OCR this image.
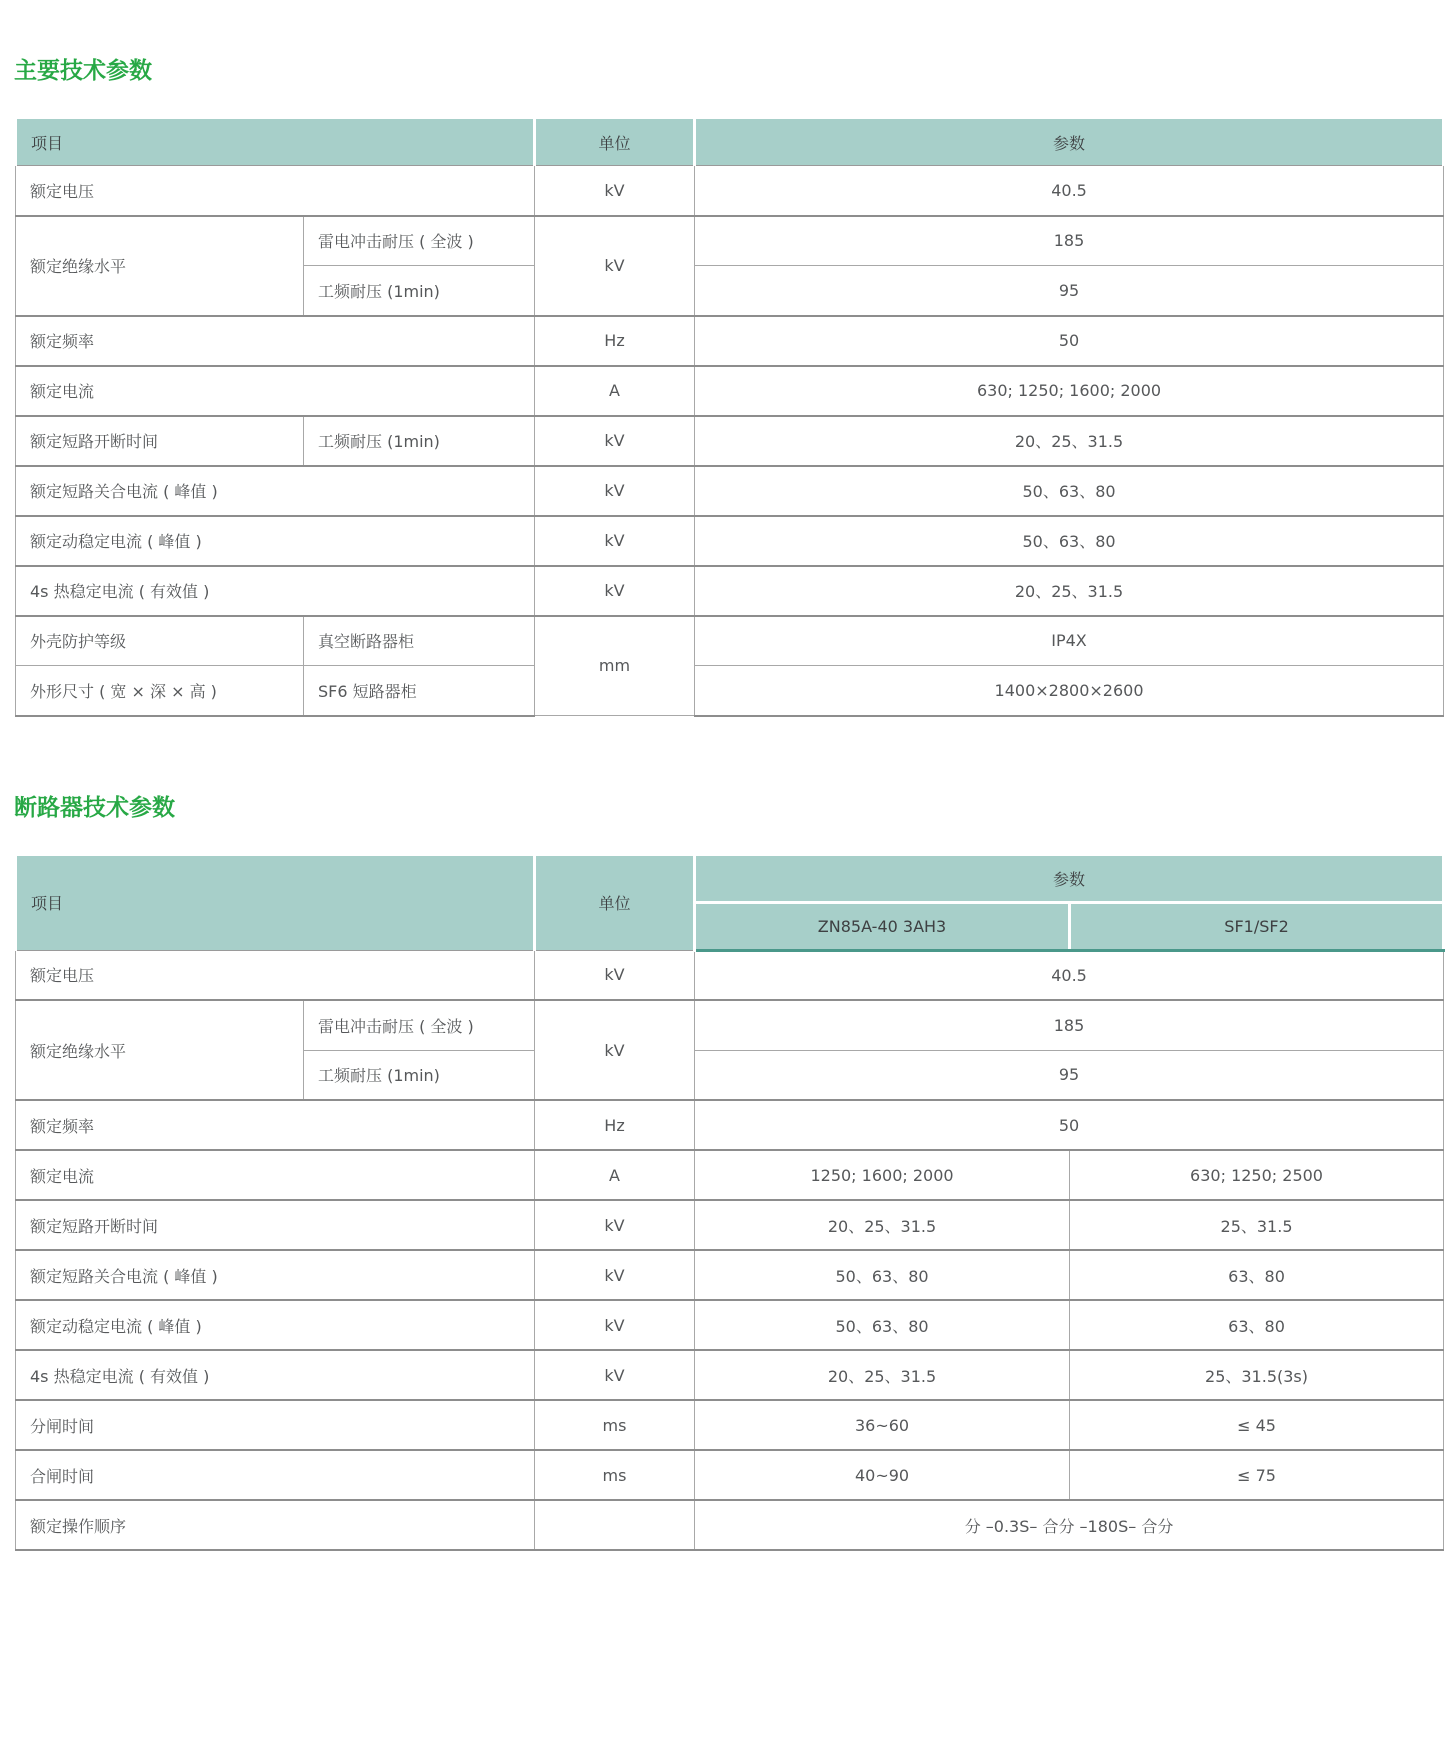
主要技术参数
项目		单位	参数
额定电压		kV	40.5
额定绝缘水平	雷电冲击耐压 ( 全波 )	kV	185
	工频耐压 (1min)		95
额定频率		Hz	50
额定电流		A	630; 1250; 1600; 2000
额定短路开断时间	工频耐压 (1min)	kV	20、25、31.5
额定短路关合电流 ( 峰值 )		kV	50、63、80
额定动稳定电流 ( 峰值 )		kV	50、63、80
4s 热稳定电流 ( 有效值 )		kV	20、25、31.5
外壳防护等级	真空断路器柜	mm	IP4X
外形尺寸 ( 宽 × 深 × 高 )	SF6 短路器柜		1400×2800×2600
断路器技术参数
项目		单位	参数	
			ZN85A-40 3AH3	SF1/SF2
额定电压		kV	40.5	
额定绝缘水平	雷电冲击耐压 ( 全波 )	kV	185	
	工频耐压 (1min)		95	
额定频率		Hz	50	
额定电流		A	1250; 1600; 2000	630; 1250; 2500
额定短路开断时间		kV	20、25、31.5	25、31.5
额定短路关合电流 ( 峰值 )		kV	50、63、80	63、80
额定动稳定电流 ( 峰值 )		kV	50、63、80	63、80
4s 热稳定电流 ( 有效值 )		kV	20、25、31.5	25、31.5(3s)
分闸时间		ms	36~60	≤ 45
合闸时间		ms	40~90	≤ 75
额定操作顺序			分 –0.3S– 合分 –180S– 合分	
